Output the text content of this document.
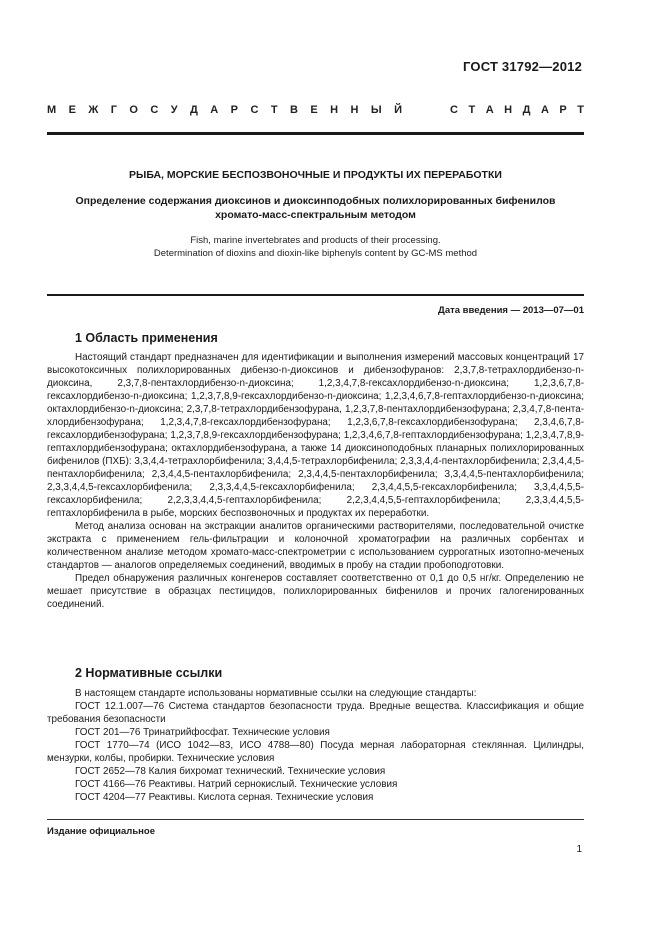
ГОСТ 31792—2012
М Е Ж Г О С У Д А Р С Т В Е Н Н Ы Й	С Т А Н Д А Р Т
РЫБА, МОРСКИЕ БЕСПОЗВОНОЧНЫЕ И ПРОДУКТЫ ИХ ПЕРЕРАБОТКИ
Определение содержания диоксинов и диоксинподобных полихлорированных бифенилов
хромато-масс-спектральным методом
Fish, marine invertebrates and products of their processing.
Determination of dioxins and dioxin-like biphenyls content by GC-MS method
Дата введения — 2013—07—01
1 Область применения

Настоящий стандарт предназначен для идентификации и выполнения измерений массовых концентраций 17 высокотоксичных полихлорированных дибензо-n-диоксинов и дибензофуранов: 2,3,7,8-тетрахлордибензо-n-диоксина, 2,3,7,8-пентахлордибензо-n-диоксина; 1,2,3,4,7,8-гексахлордибензо-n-диоксина; 1,2,3,6,7,8-гексахлордибензо-n-диоксина; 1,2,3,7,8,9-гексахлордибензо-n-диоксина; 1,2,3,4,6,7,8-гептахлордибензо-n-диоксина; октахлордибензо-n-диоксина; 2,3,7,8-тетрахлордибензофурана, 1,2,3,7,8-пентахлордибензофурана; 2,3,4,7,8-пента-хлордибензофурана; 1,2,3,4,7,8-гексахлордибензофурана; 1,2,3,6,7,8-гексахлордибензофурана; 2,3,4,6,7,8-гексахлордибензофурана; 1,2,3,7,8,9-гексахлордибензофурана; 1,2,3,4,6,7,8-гептахлордибензофурана; 1,2,3,4,7,8,9-гептахлордибензофурана; октахлордибензофурана, а также 14 диоксиноподобных планарных полихлорированных бифенилов (ПХБ): 3,3,4,4-тетрахлорбифенила; 3,4,4,5-тетрахлорбифенила; 2,3,3,4,4-пентахлорбифенила; 2,3,4,4,5-пентахлорбифенила; 2,3,4,4,5-пентахлорбифенила; 2,3,4,4,5-пентахлорбифенила; 3,3,4,4,5-пентахлорбифенила; 2,3,3,4,4,5-гексахлорбифенила; 2,3,3,4,4,5-гексахлорбифенила; 2,3,4,4,5,5-гексахлорбифенила; 3,3,4,4,5,5-гексахлорбифенила; 2,2,3,3,4,4,5-гептахлорбифенила; 2,2,3,4,4,5,5-гептахлорбифенила; 2,3,3,4,4,5,5-гептахлорбифенила в рыбе, морских беспозвоночных и продуктах их переработки.

Метод анализа основан на экстракции аналитов органическими растворителями, последовательной очистке экстракта с применением гель-фильтрации и колоночной хроматографии на различных сорбентах и количественном анализе методом хромато-масс-спектрометрии с использованием суррогатных изотопно-меченых стандартов — аналогов определяемых соединений, вводимых в пробу на стадии пробоподготовки.

Предел обнаружения различных конгенеров составляет соответственно от 0,1 до 0,5 нг/кг. Определению не мешает присутствие в образцах пестицидов, полихлорированных бифенилов и прочих галогенированных соединений.

2 Нормативные ссылки

В настоящем стандарте использованы нормативные ссылки на следующие стандарты:

ГОСТ 12.1.007—76 Система стандартов безопасности труда. Вредные вещества. Классификация и общие требования безопасности

ГОСТ 201—76 Тринатрийфосфат. Технические условия

ГОСТ 1770—74 (ИСО 1042—83, ИСО 4788—80) Посуда мерная лабораторная стеклянная. Цилиндры, мензурки, колбы, пробирки. Технические условия

ГОСТ 2652—78 Калия бихромат технический. Технические условия

ГОСТ 4166—76 Реактивы. Натрий сернокислый. Технические условия

ГОСТ 4204—77 Реактивы. Кислота серная. Технические условия

Издание официальное
1
